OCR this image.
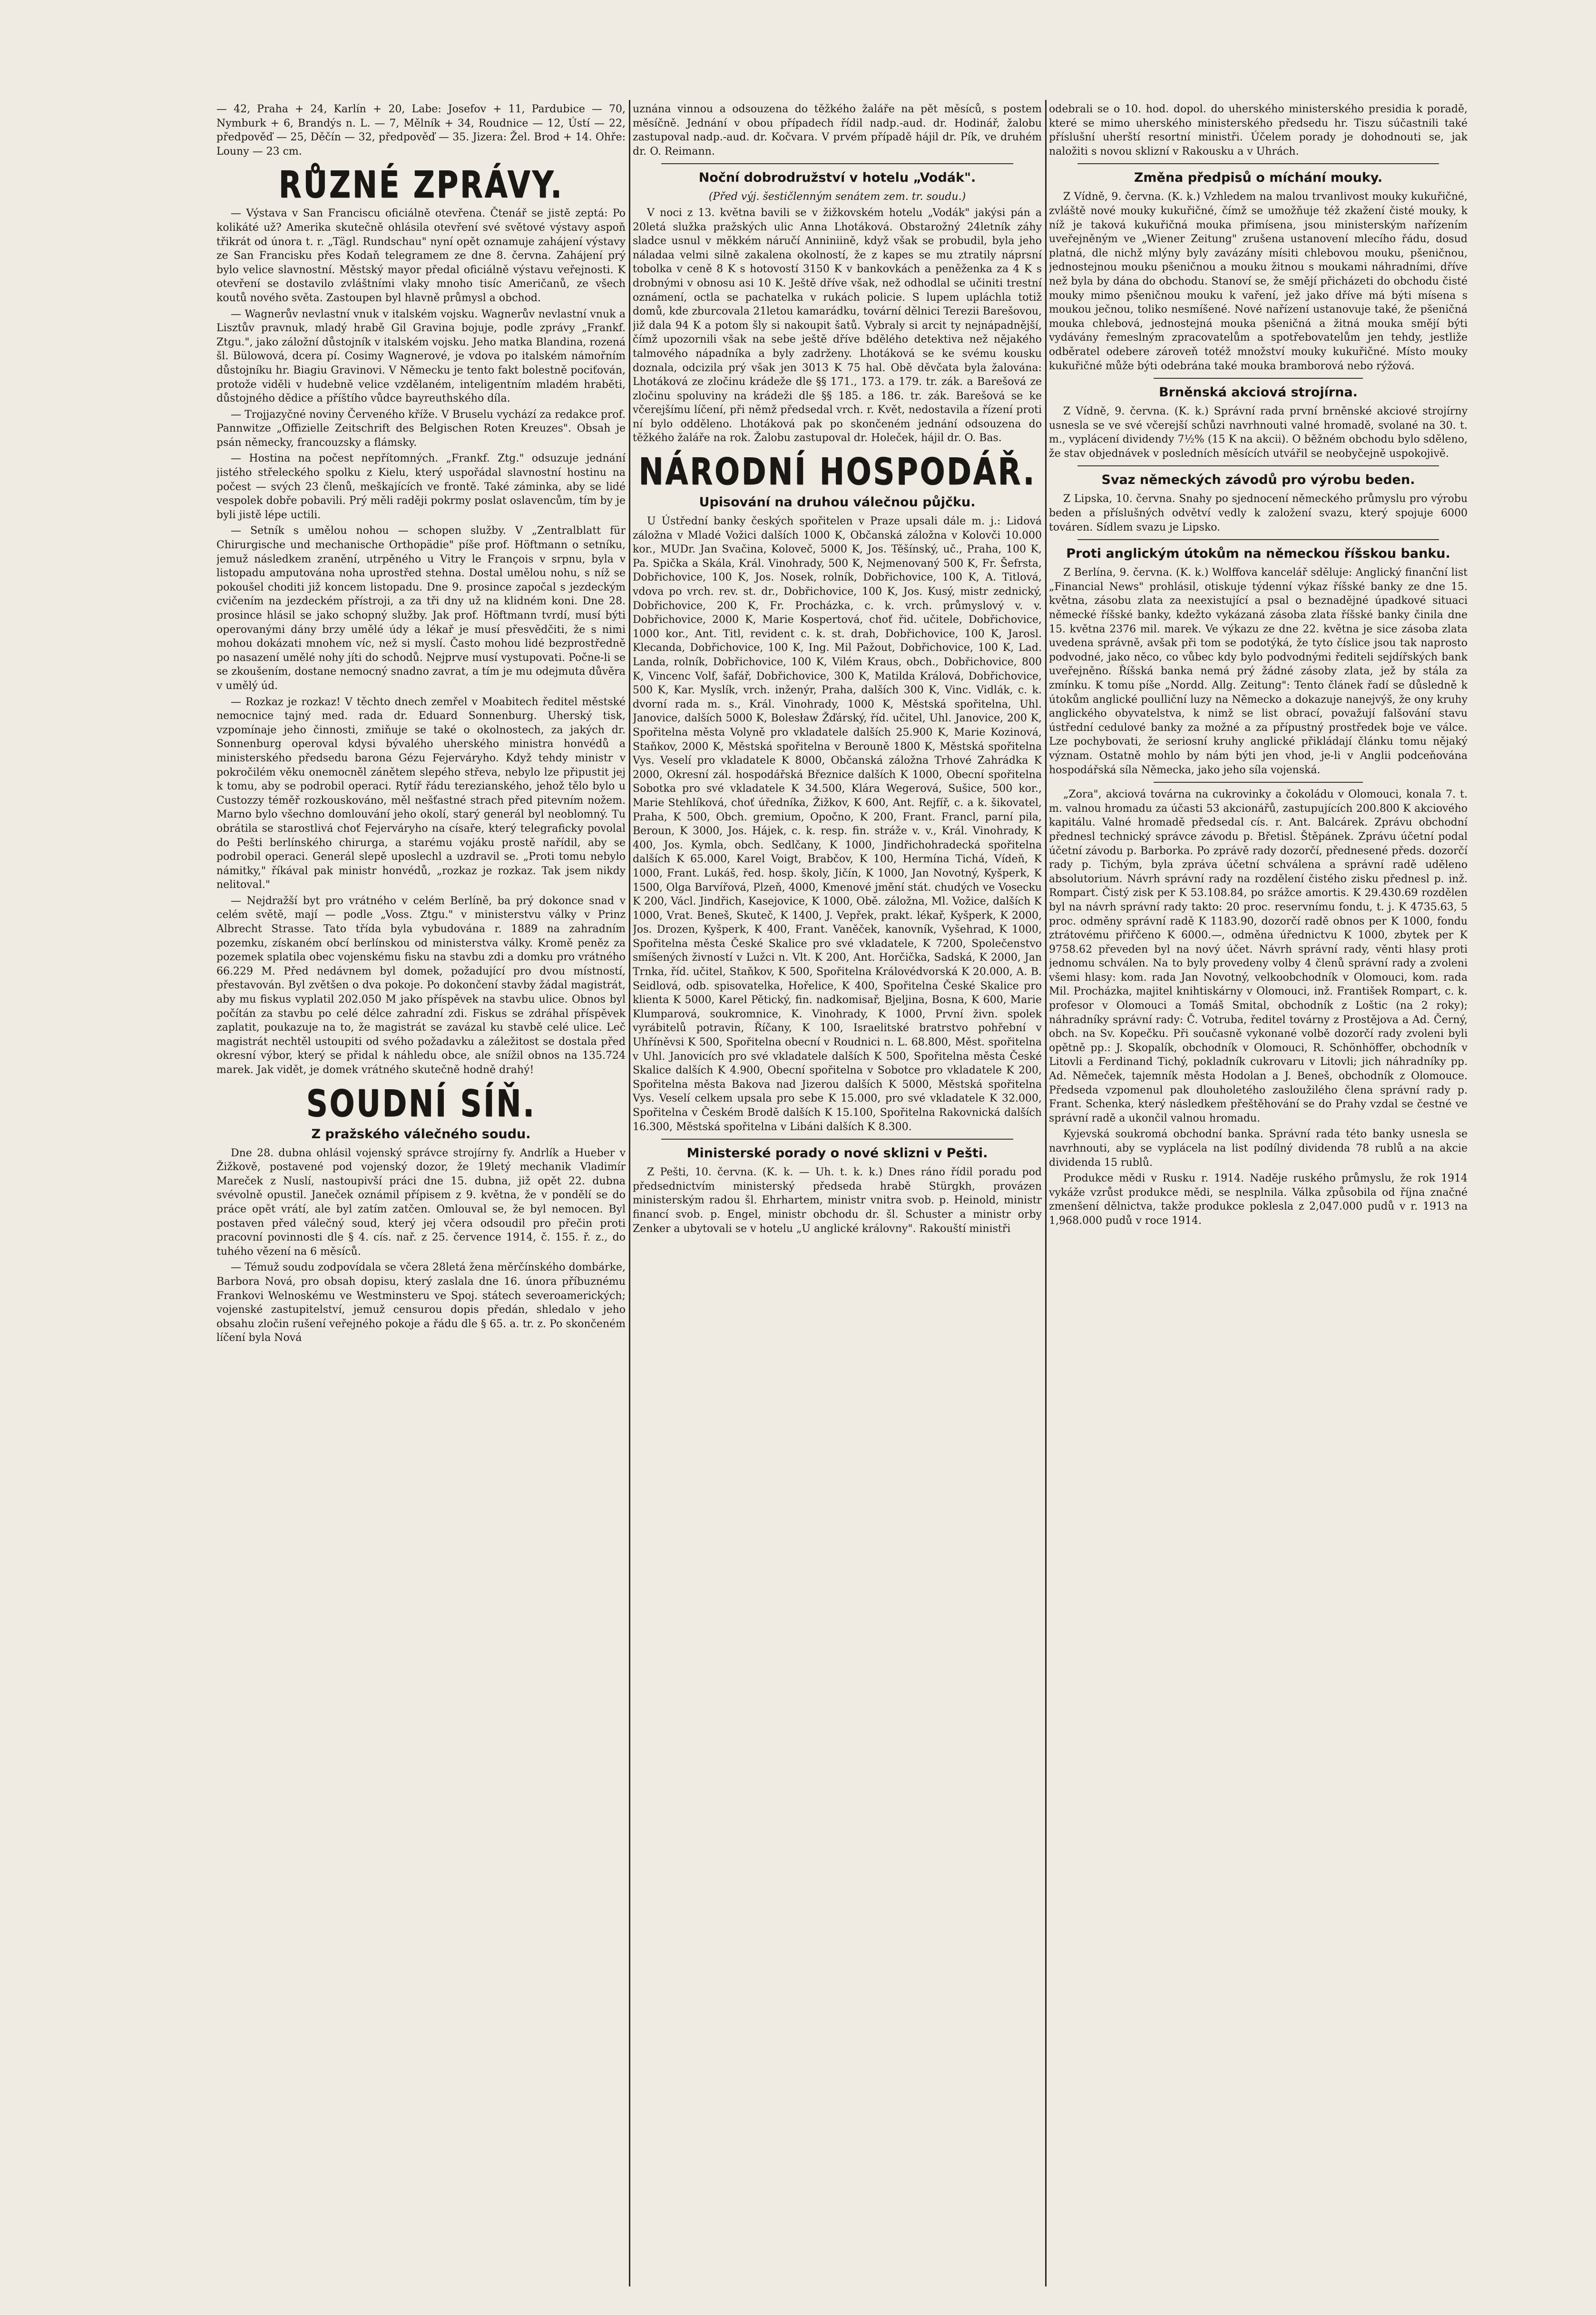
— 42, Praha + 24, Karlín + 20, Labe: Josefov + 11, Pardubice — 70, Nymburk + 6, Brandýs n. L. — 7, Mělník + 34, Roudnice — 12, Ústí — 22, předpověď — 25, Děčín — 32, předpověď — 35. Jizera: Žel. Brod + 14. Ohře: Louny — 23 cm.

RŮZNÉ ZPRÁVY.

— Výstava v San Franciscu oficiálně otevřena. Čtenář se jistě zeptá: Po kolikáté už? Amerika skutečně ohlásila otevření své světové výstavy aspoň třikrát od února t. r. „Tägl. Rundschau" nyní opět oznamuje zahájení výstavy ze San Francisku přes Kodaň telegramem ze dne 8. června. Zahájení prý bylo velice slavnostní. Městský mayor předal oficiálně výstavu veřejnosti. K otevření se dostavilo zvláštními vlaky mnoho tisíc Američanů, ze všech koutů nového světa. Zastoupen byl hlavně průmysl a obchod.

— Wagnerův nevlastní vnuk v italském vojsku. Wagnerův nevlastní vnuk a Lisztův pravnuk, mladý hrabě Gil Gravina bojuje, podle zprávy „Frankf. Ztgu.", jako záložní důstojník v italském vojsku. Jeho matka Blandina, rozená šl. Bülowová, dcera pí. Cosimy Wagnerové, je vdova po italském námořním důstojníku hr. Biagiu Gravinovi. V Německu je tento fakt bolestně pociťován, protože viděli v hudebně velice vzdělaném, inteligentním mladém hraběti, důstojného dědice a příštího vůdce bayreuthského díla.

— Trojjazyčné noviny Červeného kříže. V Bruselu vychází za redakce prof. Pannwitze „Offizielle Zeitschrift des Belgischen Roten Kreuzes". Obsah je psán německy, francouzsky a flámsky.

— Hostina na počest nepřítomných. „Frankf. Ztg." odsuzuje jednání jistého střeleckého spolku z Kielu, který uspořádal slavnostní hostinu na počest — svých 23 členů, meškajících ve frontě. Také záminka, aby se lidé vespolek dobře pobavili. Prý měli raději pokrmy poslat oslavencům, tím by je byli jistě lépe uctili.

— Setník s umělou nohou — schopen služby. V „Zentralblatt für Chirurgische und mechanische Orthopädie" píše prof. Höftmann o setníku, jemuž následkem zranění, utrpěného u Vitry le François v srpnu, byla v listopadu amputována noha uprostřed stehna. Dostal umělou nohu, s níž se pokoušel choditi již koncem listopadu. Dne 9. prosince započal s jezdeckým cvičením na jezdeckém přístroji, a za tři dny už na klidném koni. Dne 28. prosince hlásil se jako schopný služby. Jak prof. Höftmann tvrdí, musí býti operovanými dány brzy umělé údy a lékař je musí přesvědčiti, že s nimi mohou dokázati mnohem víc, než si myslí. Často mohou lidé bezprostředně po nasazení umělé nohy jíti do schodů. Nejprve musí vystupovati. Počne-li se se zkoušením, dostane nemocný snadno zavrat, a tím je mu odejmuta důvěra v umělý úd.

— Rozkaz je rozkaz! V těchto dnech zemřel v Moabitech ředitel městské nemocnice tajný med. rada dr. Eduard Sonnenburg. Uherský tisk, vzpomínaje jeho činnosti, zmiňuje se také o okolnostech, za jakých dr. Sonnenburg operoval kdysi bývalého uherského ministra honvédů a ministerského předsedu barona Gézu Fejerváryho. Když tehdy ministr v pokročilém věku onemocněl zánětem slepého střeva, nebylo lze připustit jej k tomu, aby se podrobil operaci. Rytíř řádu terezianského, jehož tělo bylo u Custozzy téměř rozkouskováno, měl nešťastné strach před pitevním nožem. Marno bylo všechno domlouvání jeho okolí, starý generál byl neoblomný. Tu obrátila se starostlivá choť Fejerváryho na císaře, který telegraficky povolal do Pešti berlínského chirurga, a starému vojáku prostě nařídil, aby se podrobil operaci. Generál slepě uposlechl a uzdravil se. „Proti tomu nebylo námitky," říkával pak ministr honvédů, „rozkaz je rozkaz. Tak jsem nikdy nelitoval."

— Nejdražší byt pro vrátného v celém Berlíně, ba prý dokonce snad v celém světě, mají — podle „Voss. Ztgu." v ministerstvu války v Prinz Albrecht Strasse. Tato třída byla vybudována r. 1889 na zahradním pozemku, získaném obcí berlínskou od ministerstva války. Kromě peněz za pozemek splatila obec vojenskému fisku na stavbu zdi a domku pro vrátného 66.229 M. Před nedávnem byl domek, požadující pro dvou místností, přestavován. Byl zvětšen o dva pokoje. Po dokončení stavby žádal magistrát, aby mu fiskus vyplatil 202.050 M jako příspěvek na stavbu ulice. Obnos byl počítán za stavbu po celé délce zahradní zdi. Fiskus se zdráhal příspěvek zaplatit, poukazuje na to, že magistrát se zavázal ku stavbě celé ulice. Leč magistrát nechtěl ustoupiti od svého požadavku a záležitost se dostala před okresní výbor, který se přidal k náhledu obce, ale snížil obnos na 135.724 marek. Jak vidět, je domek vrátného skutečně hodně drahý!

SOUDNÍ SÍŇ.
Z pražského válečného soudu.

Dne 28. dubna ohlásil vojenský správce strojírny fy. Andrlík a Hueber v Žižkově, postavené pod vojenský dozor, že 19letý mechanik Vladimír Mareček z Nuslí, nastoupivší práci dne 15. dubna, již opět 22. dubna svévolně opustil. Janeček oznámil přípisem z 9. května, že v pondělí se do práce opět vrátí, ale byl zatím zatčen. Omlouval se, že byl nemocen. Byl postaven před válečný soud, který jej včera odsoudil pro přečin proti pracovní povinnosti dle § 4. cís. nař. z 25. července 1914, č. 155. ř. z., do tuhého vězení na 6 měsíců.

— Témuž soudu zodpovídala se včera 28letá žena měrčínského dombárke, Barbora Nová, pro obsah dopisu, který zaslala dne 16. února příbuznému Frankovi Welnoskému ve Westminsteru ve Spoj. státech severoamerických; vojenské zastupitelství, jemuž censurou dopis předán, shledalo v jeho obsahu zločin rušení veřejného pokoje a řádu dle § 65. a. tr. z. Po skončeném líčení byla Nová

uznána vinnou a odsouzena do těžkého žaláře na pět měsíců, s postem měsíčně. Jednání v obou případech řídil nadp.-aud. dr. Hodinář, žalobu zastupoval nadp.-aud. dr. Kočvara. V prvém případě hájil dr. Pík, ve druhém dr. O. Reimann.

Noční dobrodružství v hotelu „Vodák".
(Před výj. šestičlenným senátem zem. tr. soudu.)

V noci z 13. května bavili se v žižkovském hotelu „Vodák" jakýsi pán a 20letá služka pražských ulic Anna Lhotáková. Obstarožný 24letník záhy sladce usnul v měkkém náručí Anniniině, když však se probudil, byla jeho náladaa velmi silně zakalena okolností, že z kapes se mu ztratily náprsní tobolka v ceně 8 K s hotovostí 3150 K v bankovkách a peněženka za 4 K s drobnými v obnosu asi 10 K. Ještě dříve však, než odhodlal se učiniti trestní oznámení, octla se pachatelka v rukách policie. S lupem upláchla totiž domů, kde zburcovala 21letou kamarádku, tovární dělnici Terezii Barešovou, již dala 94 K a potom šly si nakoupit šatů. Vybraly si arcit ty nejnápadnější, čímž upozornili však na sebe ještě dříve bdělého detektiva než nějakého talmového nápadníka a byly zadrženy. Lhotáková se ke svému kousku doznala, odcizila prý však jen 3013 K 75 hal. Obě děvčata byla žalována: Lhotáková ze zločinu krádeže dle §§ 171., 173. a 179. tr. zák. a Barešová ze zločinu spoluviny na krádeži dle §§ 185. a 186. tr. zák. Barešová se ke včerejšímu líčení, při němž předsedal vrch. r. Květ, nedostavila a řízení proti ní bylo odděleno. Lhotáková pak po skončeném jednání odsouzena do těžkého žaláře na rok. Žalobu zastupoval dr. Holeček, hájil dr. O. Bas.

NÁRODNÍ HOSPODÁŘ.
Upisování na druhou válečnou půjčku.

U Ústřední banky českých spořitelen v Praze upsali dále m. j.: Lidová záložna v Mladé Vožici dalších 1000 K, Občanská záložna v Kolovči 10.000 kor., MUDr. Jan Svačina, Koloveč, 5000 K, Jos. Těšínský, uč., Praha, 100 K, Pa. Spička a Skála, Král. Vinohrady, 500 K, Nejmenovaný 500 K, Fr. Šefrsta, Dobřichovice, 100 K, Jos. Nosek, rolník, Dobřichovice, 100 K, A. Titlová, vdova po vrch. rev. st. dr., Dobřichovice, 100 K, Jos. Kusý, mistr zednický, Dobřichovice, 200 K, Fr. Procházka, c. k. vrch. průmyslový v. v. Dobřichovice, 2000 K, Marie Kospertová, choť řid. učitele, Dobřichovice, 1000 kor., Ant. Titl, revident c. k. st. drah, Dobřichovice, 100 K, Jarosl. Klecanda, Dobřichovice, 100 K, Ing. Mil Pažout, Dobřichovice, 100 K, Lad. Landa, rolník, Dobřichovice, 100 K, Vilém Kraus, obch., Dobřichovice, 800 K, Vincenc Volf, šafář, Dobřichovice, 300 K, Matilda Králová, Dobřichovice, 500 K, Kar. Myslík, vrch. inženýr, Praha, dalších 300 K, Vinc. Vidlák, c. k. dvorní rada m. s., Král. Vinohrady, 1000 K, Městská spořitelna, Uhl. Janovice, dalších 5000 K, Bolesław Žďárský, říd. učitel, Uhl. Janovice, 200 K, Spořitelna města Volyně pro vkladatele dalších 25.900 K, Marie Kozinová, Staňkov, 2000 K, Městská spořitelna v Berouně 1800 K, Městská spořitelna Vys. Veselí pro vkladatele K 8000, Občanská záložna Trhové Zahrádka K 2000, Okresní zál. hospodářská Březnice dalších K 1000, Obecní spořitelna Sobotka pro své vkladatele K 34.500, Klára Wegerová, Sušice, 500 kor., Marie Stehlíková, choť úředníka, Žižkov, K 600, Ant. Rejfíř, c. a k. šikovatel, Praha, K 500, Obch. gremium, Opočno, K 200, Frant. Francl, parní pila, Beroun, K 3000, Jos. Hájek, c. k. resp. fin. stráže v. v., Král. Vinohrady, K 400, Jos. Kymla, obch. Sedlčany, K 1000, Jindřichohradecká spořitelna dalších K 65.000, Karel Voigt, Brabčov, K 100, Hermína Tichá, Vídeň, K 1000, Frant. Lukáš, řed. hosp. školy, Jičín, K 1000, Jan Novotný, Kyšperk, K 1500, Olga Barvířová, Plzeň, 4000, Kmenové jmění stát. chudých ve Vosecku K 200, Václ. Jindřich, Kasejovice, K 1000, Obě. záložna, Ml. Vožice, dalších K 1000, Vrat. Beneš, Skuteč, K 1400, J. Vepřek, prakt. lékař, Kyšperk, K 2000, Jos. Drozen, Kyšperk, K 400, Frant. Vaněček, kanovník, Vyšehrad, K 1000, Spořitelna města České Skalice pro své vkladatele, K 7200, Společenstvo smíšených živností v Lužci n. Vlt. K 200, Ant. Horčička, Sadská, K 2000, Jan Trnka, říd. učitel, Staňkov, K 500, Spořitelna Královédvorská K 20.000, A. B. Seidlová, odb. spisovatelka, Hořelice, K 400, Spořitelna České Skalice pro klienta K 5000, Karel Pětický, fin. nadkomisař, Bjeljina, Bosna, K 600, Marie Klumparová, soukromnice, K. Vinohrady, K 1000, První živn. spolek vyrábitelů potravin, Říčany, K 100, Israelitské bratrstvo pohřební v Uhříněvsi K 500, Spořitelna obecní v Roudnici n. L. 68.800, Měst. spořitelna v Uhl. Janovicích pro své vkladatele dalších K 500, Spořitelna města České Skalice dalších K 4.900, Obecní spořitelna v Sobotce pro vkladatele K 200, Spořitelna města Bakova nad Jizerou dalších K 5000, Městská spořitelna Vys. Veselí celkem upsala pro sebe K 15.000, pro své vkladatele K 32.000, Spořitelna v Českém Brodě dalších K 15.100, Spořitelna Rakovnická dalších 16.300, Městská spořitelna v Libáni dalších K 8.300.

Ministerské porady o nové sklizni v Pešti.

Z Pešti, 10. června. (K. k. — Uh. t. k. k.) Dnes ráno řídil poradu pod předsednictvím ministerský předseda hrabě Stürgkh, provázen ministerským radou šl. Ehrhartem, ministr vnitra svob. p. Heinold, ministr financí svob. p. Engel, ministr obchodu dr. šl. Schuster a ministr orby Zenker a ubytovali se v hotelu „U anglické královny". Rakouští ministři

odebrali se o 10. hod. dopol. do uherského ministerského presidia k poradě, které se mimo uherského ministerského předsedu hr. Tiszu súčastnili také příslušní uherští resortní ministři. Účelem porady je dohodnouti se, jak naložiti s novou sklizní v Rakousku a v Uhrách.

Změna předpisů o míchání mouky.

Z Vídně, 9. června. (K. k.) Vzhledem na malou trvanlivost mouky kukuřičné, zvláště nové mouky kukuřičné, čímž se umožňuje též zkažení čisté mouky, k níž je taková kukuřičná mouka přimísena, jsou ministerským nařízením uveřejněným ve „Wiener Zeitung" zrušena ustanovení mlecího řádu, dosud platná, dle nichž mlýny byly zavázány mísiti chlebovou mouku, pšeničnou, jednostejnou mouku pšeničnou a mouku žitnou s moukami náhradními, dříve než byla by dána do obchodu. Stanoví se, že smějí přicházeti do obchodu čisté mouky mimo pšeničnou mouku k vaření, jež jako dříve má býti mísena s moukou ječnou, toliko nesmíšené. Nové nařízení ustanovuje také, že pšeničná mouka chlebová, jednostejná mouka pšeničná a žitná mouka smějí býti vydávány řemeslným zpracovatelům a spotřebovatelům jen tehdy, jestliže odběratel odebere zároveň totéž množství mouky kukuřičné. Místo mouky kukuřičné může býti odebrána také mouka bramborová nebo rýžová.

Brněnská akciová strojírna.

Z Vídně, 9. června. (K. k.) Správní rada první brněnské akciové strojírny usnesla se ve své včerejší schůzi navrhnouti valné hromadě, svolané na 30. t. m., vyplácení dividendy 7½% (15 K na akcii). O běžném obchodu bylo sděleno, že stav objednávek v posledních měsících utvářil se neobyčejně uspokojivě.

Svaz německých závodů pro výrobu beden.

Z Lipska, 10. června. Snahy po sjednocení německého průmyslu pro výrobu beden a příslušných odvětví vedly k založení svazu, který spojuje 6000 továren. Sídlem svazu je Lipsko.

Proti anglickým útokům na německou říšskou banku.

Z Berlína, 9. června. (K. k.) Wolffova kancelář sděluje: Anglický finanční list „Financial News" prohlásil, otiskuje týdenní výkaz říšské banky ze dne 15. května, zásobu zlata za neexistující a psal o beznadějné úpadkové situaci německé říšské banky, kdežto vykázaná zásoba zlata říšské banky činila dne 15. května 2376 mil. marek. Ve výkazu ze dne 22. května je sice zásoba zlata uvedena správně, avšak při tom se podotýká, že tyto číslice jsou tak naprosto podvodné, jako něco, co vůbec kdy bylo podvodnými řediteli sejdířských bank uveřejněno. Říšská banka nemá prý žádné zásoby zlata, jež by stála za zmínku. K tomu píše „Nordd. Allg. Zeitung": Tento článek řadí se důsledně k útokům anglické poulliční luzy na Německo a dokazuje nanejvýš, že ony kruhy anglického obyvatelstva, k nimž se list obrací, považují falšování stavu ústřední cedulové banky za možné a za přípustný prostředek boje ve válce. Lze pochybovati, že seriosní kruhy anglické přikládají článku tomu nějaký význam. Ostatně mohlo by nám býti jen vhod, je-li v Anglii podceňována hospodářská síla Německa, jako jeho síla vojenská.

„Zora", akciová továrna na cukrovinky a čokoládu v Olomouci, konala 7. t. m. valnou hromadu za účasti 53 akcionářů, zastupujících 200.800 K akciového kapitálu. Valné hromadě předsedal cís. r. Ant. Balcárek. Zprávu obchodní přednesl technický správce závodu p. Břetisl. Štěpánek. Zprávu účetní podal účetní závodu p. Barborka. Po zprávě rady dozorčí, přednesené předs. dozorčí rady p. Tichým, byla zpráva účetní schválena a správní radě uděleno absolutorium. Návrh správní rady na rozdělení čistého zisku přednesl p. inž. Rompart. Čistý zisk per K 53.108.84, po srážce amortis. K 29.430.69 rozdělen byl na návrh správní rady takto: 20 proc. reservnímu fondu, t. j. K 4735.63, 5 proc. odměny správní radě K 1183.90, dozorčí radě obnos per K 1000, fondu ztrátovému přiřčeno K 6000.—, odměna úřednictvu K 1000, zbytek per K 9758.62 převeden byl na nový účet. Návrh správní rady, věnti hlasy proti jednomu schválen. Na to byly provedeny volby 4 členů správní rady a zvoleni všemi hlasy: kom. rada Jan Novotný, velkoobchodník v Olomouci, kom. rada Mil. Procházka, majitel knihtiskárny v Olomouci, inž. František Rompart, c. k. profesor v Olomouci a Tomáš Smital, obchodník z Loštic (na 2 roky); náhradníky správní rady: Č. Votruba, ředitel továrny z Prostějova a Ad. Černý, obch. na Sv. Kopečku. Při současně vykonané volbě dozorčí rady zvoleni byli opětně pp.: J. Skopalík, obchodník v Olomouci, R. Schönhöffer, obchodník v Litovli a Ferdinand Tichý, pokladník cukrovaru v Litovli; jich náhradníky pp. Ad. Němeček, tajemník města Hodolan a J. Beneš, obchodník z Olomouce. Předseda vzpomenul pak dlouholetého zasloužilého člena správní rady p. Frant. Schenka, který následkem přeštěhování se do Prahy vzdal se čestné ve správní radě a ukončil valnou hromadu.

Kyjevská soukromá obchodní banka. Správní rada této banky usnesla se navrhnouti, aby se vyplácela na list podílný dividenda 78 rublů a na akcie dividenda 15 rublů.

Produkce mědi v Rusku r. 1914. Naděje ruského průmyslu, že rok 1914 vykáže vzrůst produkce mědi, se nesplnila. Válka způsobila od října značné zmenšení dělnictva, takže produkce poklesla z 2,047.000 pudů v r. 1913 na 1,968.000 pudů v roce 1914.
